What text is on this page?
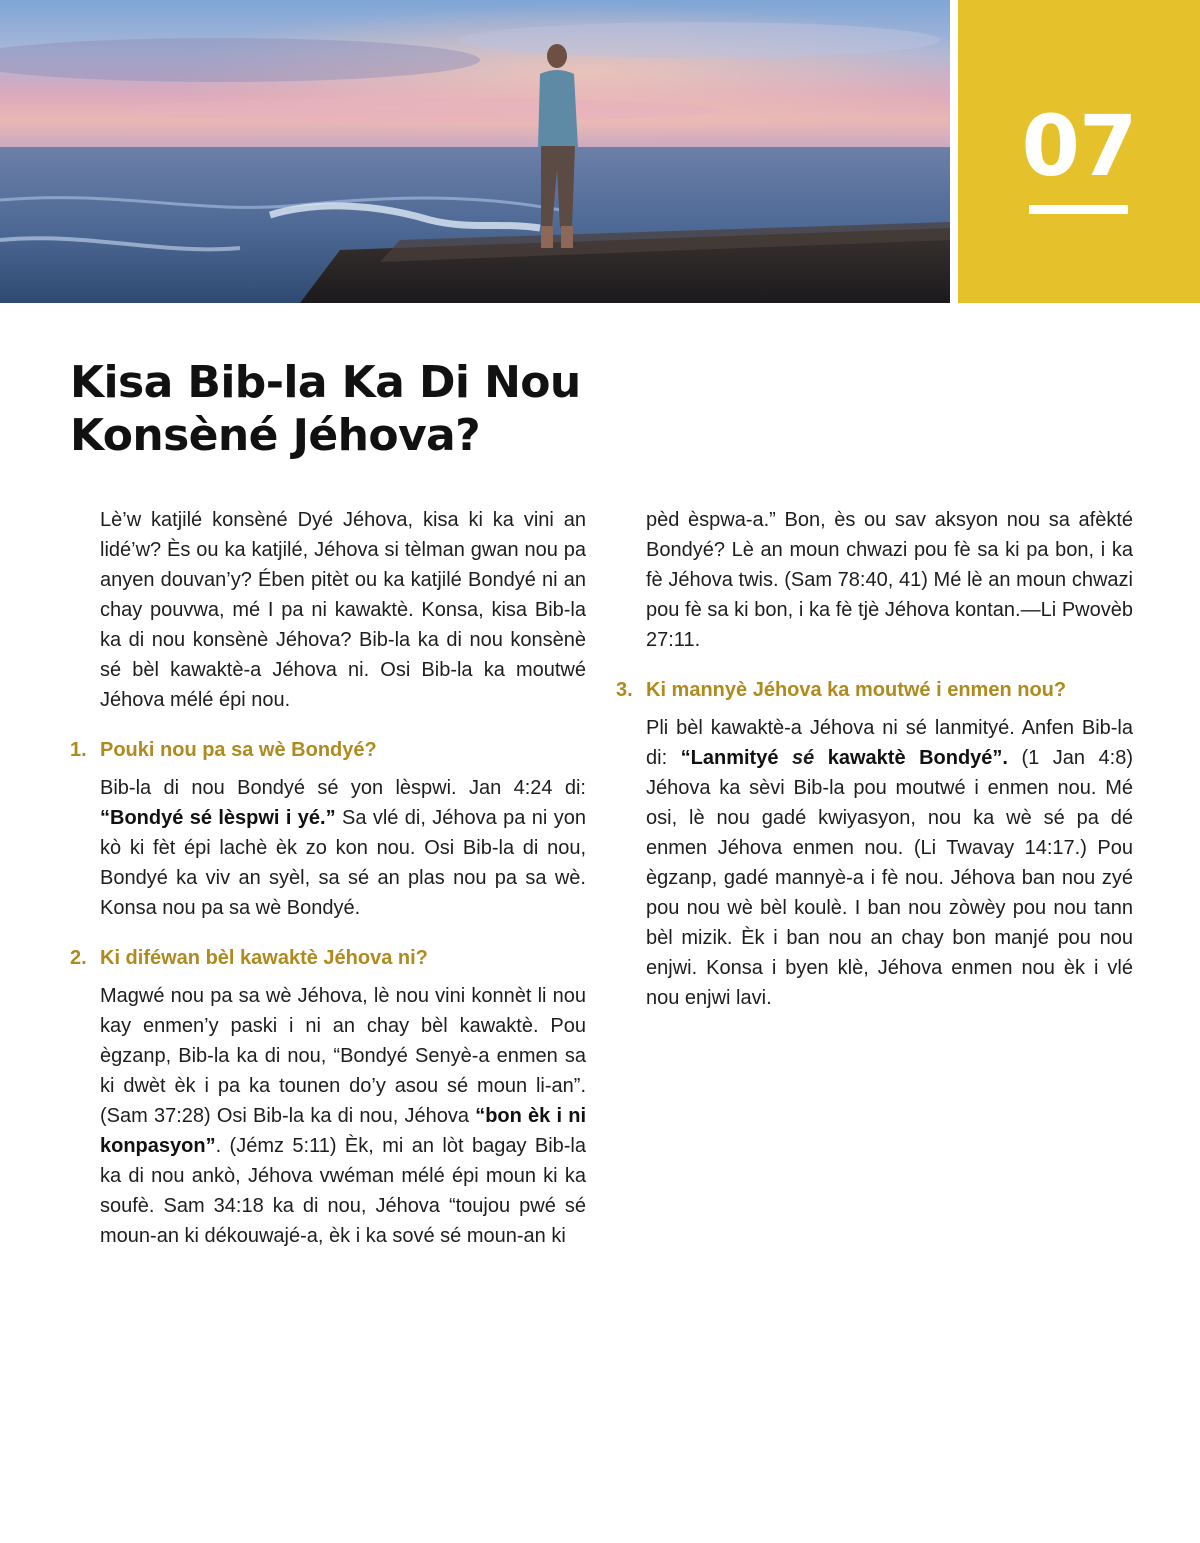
07
Kisa Bib-la Ka Di Nou
Konsèné Jéhova?

Lè’w katjilé konsèné Dyé Jéhova, kisa ki ka vini an lidé’w? Ès ou ka katjilé, Jéhova si tèlman gwan nou pa anyen douvan’y? Ében pitèt ou ka katjilé Bondyé ni an chay pouvwa, mé I pa ni kawaktè. Konsa, kisa Bib-la ka di nou konsènè Jéhova? Bib-la ka di nou konsènè sé bèl kawaktè-a Jéhova ni. Osi Bib-la ka moutwé Jéhova mélé épi nou.

1. Pouki nou pa sa wè Bondyé?

Bib-la di nou Bondyé sé yon lèspwi. Jan 4:24 di: “Bondyé sé lèspwi i yé.” Sa vlé di, Jéhova pa ni yon kò ki fèt épi lachè èk zo kon nou. Osi Bib-la di nou, Bondyé ka viv an syèl, sa sé an plas nou pa sa wè. Konsa nou pa sa wè Bondyé.

2. Ki diféwan bèl kawaktè Jéhova ni?

Magwé nou pa sa wè Jéhova, lè nou vini konnèt li nou kay enmen’y paski i ni an chay bèl kawaktè. Pou ègzanp, Bib-la ka di nou, “Bondyé Senyè-a enmen sa ki dwèt èk i pa ka tounen do’y asou sé moun li-an”. (Sam 37:28) Osi Bib-la ka di nou, Jéhova “bon èk i ni konpasyon”. (Jémz 5:11) Èk, mi an lòt bagay Bib-la ka di nou ankò, Jéhova vwéman mélé épi moun ki ka soufè. Sam 34:18 ka di nou, Jéhova “toujou pwé sé moun-an ki dékouwajé-a, èk i ka sové sé moun-an ki

pèd èspwa-a.” Bon, ès ou sav aksyon nou sa afèkté Bondyé? Lè an moun chwazi pou fè sa ki pa bon, i ka fè Jéhova twis. (Sam 78:40, 41) Mé lè an moun chwazi pou fè sa ki bon, i ka fè tjè Jéhova kontan.—Li Pwovèb 27:11.

3. Ki mannyè Jéhova ka moutwé i enmen nou?

Pli bèl kawaktè-a Jéhova ni sé lanmityé. Anfen Bib-la di: “Lanmityé sé kawaktè Bondyé”. (1 Jan 4:8) Jéhova ka sèvi Bib-la pou moutwé i enmen nou. Mé osi, lè nou gadé kwiyasyon, nou ka wè sé pa dé enmen Jéhova enmen nou. (Li Twavay 14:17.) Pou ègzanp, gadé mannyè-a i fè nou. Jéhova ban nou zyé pou nou wè bèl koulè. I ban nou zòwèy pou nou tann bèl mizik. Èk i ban nou an chay bon manjé pou nou enjwi. Konsa i byen klè, Jéhova enmen nou èk i vlé nou enjwi lavi.
